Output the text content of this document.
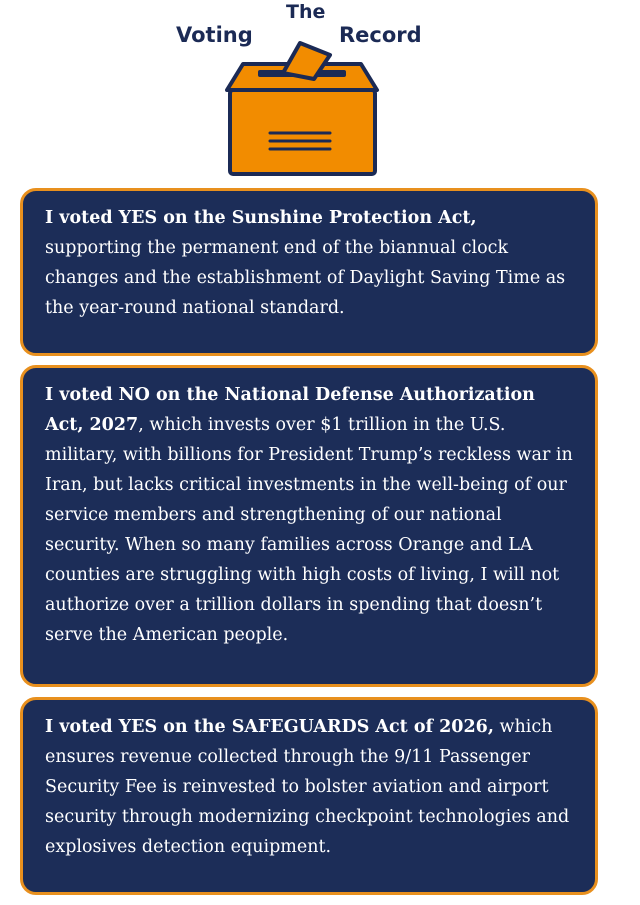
The
Voting	Record

I voted YES on the Sunshine Protection Act, supporting the permanent end of the biannual clock changes and the establishment of Daylight Saving Time as the year-round national standard.

I voted NO on the National Defense Authorization Act, 2027, which invests over $1 trillion in the U.S. military, with billions for President Trump’s reckless war in Iran, but lacks critical investments in the well-being of our service members and strengthening of our national security. When so many families across Orange and LA counties are struggling with high costs of living, I will not authorize over a trillion dollars in spending that doesn’t serve the American people.

I voted YES on the SAFEGUARDS Act of 2026, which ensures revenue collected through the 9/11 Passenger Security Fee is reinvested to bolster aviation and airport security through modernizing checkpoint technologies and explosives detection equipment.
